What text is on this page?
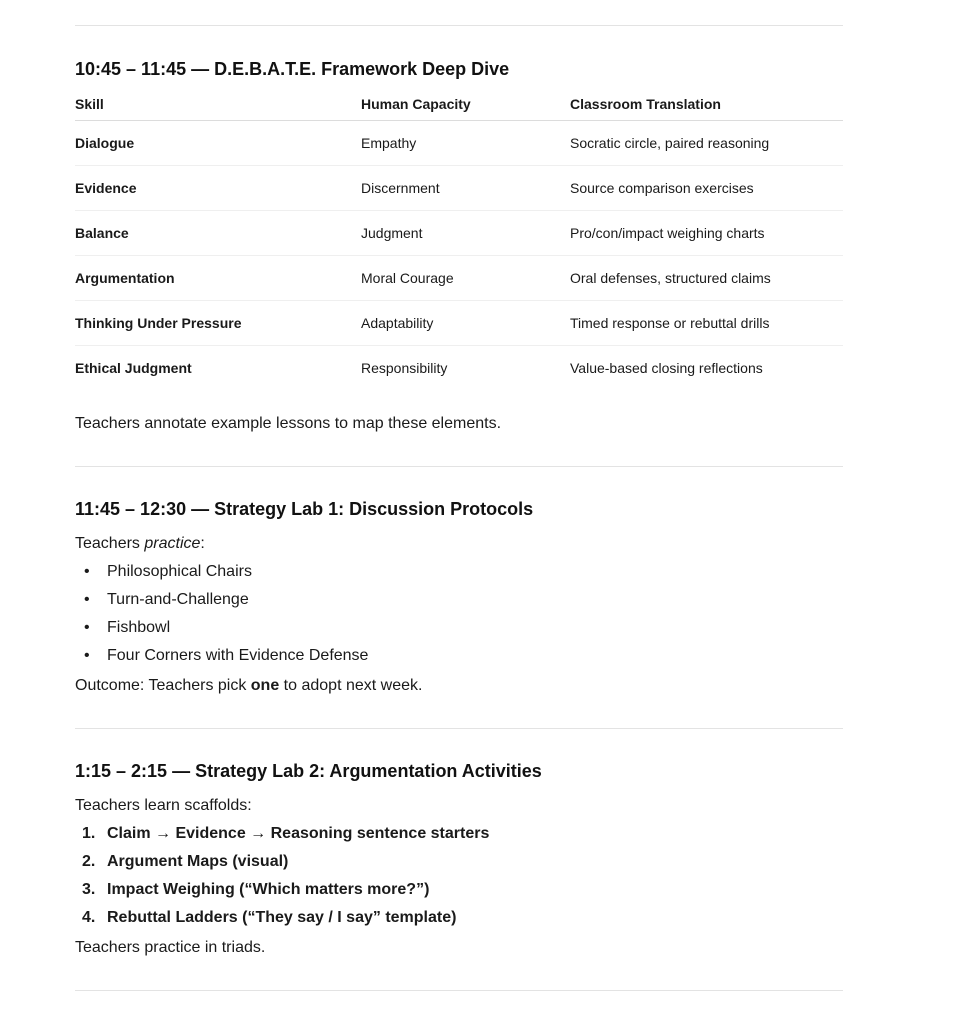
10:45 – 11:45 — D.E.B.A.T.E. Framework Deep Dive
Skill	Human Capacity	Classroom Translation
Dialogue	Empathy	Socratic circle, paired reasoning
Evidence	Discernment	Source comparison exercises
Balance	Judgment	Pro/con/impact weighing charts
Argumentation	Moral Courage	Oral defenses, structured claims
Thinking Under Pressure	Adaptability	Timed response or rebuttal drills
Ethical Judgment	Responsibility	Value-based closing reflections

Teachers annotate example lessons to map these elements.

11:45 – 12:30 — Strategy Lab 1: Discussion Protocols

Teachers practice:

• Philosophical Chairs
• Turn-and-Challenge
• Fishbowl
• Four Corners with Evidence Defense

Outcome: Teachers pick one to adopt next week.

1:15 – 2:15 — Strategy Lab 2: Argumentation Activities

Teachers learn scaffolds:

1. Claim → Evidence → Reasoning sentence starters
2. Argument Maps (visual)
3. Impact Weighing (“Which matters more?”)
4. Rebuttal Ladders (“They say / I say” template)

Teachers practice in triads.
